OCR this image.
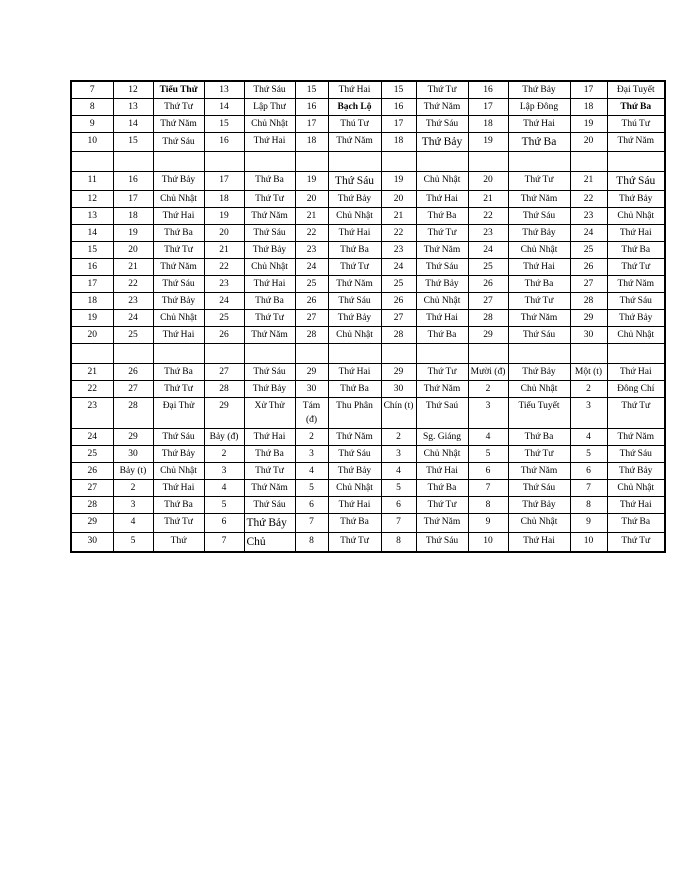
7	12	Tiểu Thử	13	Thứ Sáu	15	Thứ Hai	15	Thứ Tư	16	Thứ Bảy	17	Đại Tuyết
8	13	Thứ Tư	14	Lập Thư	16	Bạch Lộ	16	Thứ Năm	17	Lập Đông	18	Thứ Ba
9	14	Thứ Năm	15	Chủ Nhật	17	Thú Tư	17	Thứ Sáu	18	Thứ Hai	19	Thú Tư
10	15	Thứ Sáu	16	Thứ Hai	18	Thứ Năm	18	Thứ Bảy	19	Thứ Ba	20	Thứ Năm

11	16	Thứ Bảy	17	Thứ Ba	19	Thứ Sáu	19	Chủ Nhật	20	Thứ Tư	21	Thứ Sáu
12	17	Chủ Nhật	18	Thứ Tư	20	Thứ Bảy	20	Thứ Hai	21	Thứ Năm	22	Thứ Bảy
13	18	Thứ Hai	19	Thứ Năm	21	Chủ Nhật	21	Thứ Ba	22	Thứ Sáu	23	Chủ Nhật
14	19	Thứ Ba	20	Thứ Sáu	22	Thứ Hai	22	Thứ Tư	23	Thứ Bảy	24	Thứ Hai
15	20	Thứ Tư	21	Thứ Bảy	23	Thứ Ba	23	Thứ Năm	24	Chủ Nhật	25	Thứ Ba
16	21	Thứ Năm	22	Chủ Nhật	24	Thứ Tư	24	Thứ Sáu	25	Thứ Hai	26	Thứ Tư
17	22	Thứ Sáu	23	Thứ Hai	25	Thứ Năm	25	Thứ Bảy	26	Thứ Ba	27	Thứ Năm
18	23	Thứ Bảy	24	Thứ Ba	26	Thứ Sáu	26	Chủ Nhật	27	Thứ Tư	28	Thứ Sáu
19	24	Chủ Nhật	25	Thứ Tư	27	Thứ Bảy	27	Thứ Hai	28	Thứ Năm	29	Thứ Bảy
20	25	Thứ Hai	26	Thứ Năm	28	Chủ Nhật	28	Thứ Ba	29	Thứ Sáu	30	Chủ Nhật

21	26	Thứ Ba	27	Thứ Sáu	29	Thứ Hai	29	Thứ Tư	Mười (đ)	Thứ Bảy	Một (t)	Thứ Hai
22	27	Thứ Tư	28	Thứ Bảy	30	Thứ Ba	30	Thứ Năm	2	Chủ Nhật	2	Đông Chí
23	28	Đại Thử	29	Xử Thử	Tám (đ)	Thu Phân	Chín (t)	Thứ Saú	3	Tiểu Tuyết	3	Thứ Tư
24	29	Thứ Sáu	Bảy (đ)	Thứ Hai	2	Thứ Năm	2	Sg. Giáng	4	Thứ Ba	4	Thứ Năm
25	30	Thứ Bảy	2	Thứ Ba	3	Thứ Sáu	3	Chủ Nhật	5	Thứ Tư	5	Thứ Sáu
26	Bảy (t)	Chủ Nhật	3	Thứ Tư	4	Thứ Bảy	4	Thứ Hai	6	Thứ Năm	6	Thứ Bảy
27	2	Thứ Hai	4	Thứ Năm	5	Chủ Nhật	5	Thứ Ba	7	Thứ Sáu	7	Chủ Nhật
28	3	Thứ Ba	5	Thứ Sáu	6	Thứ Hai	6	Thứ Tư	8	Thứ Bảy	8	Thứ Hai
29	4	Thứ Tư	6	Thứ Bảy	7	Thứ Ba	7	Thứ Năm	9	Chủ Nhật	9	Thứ Ba
30	5	Thứ	7	Chủ	8	Thứ Tư	8	Thứ Sáu	10	Thứ Hai	10	Thứ Tư
